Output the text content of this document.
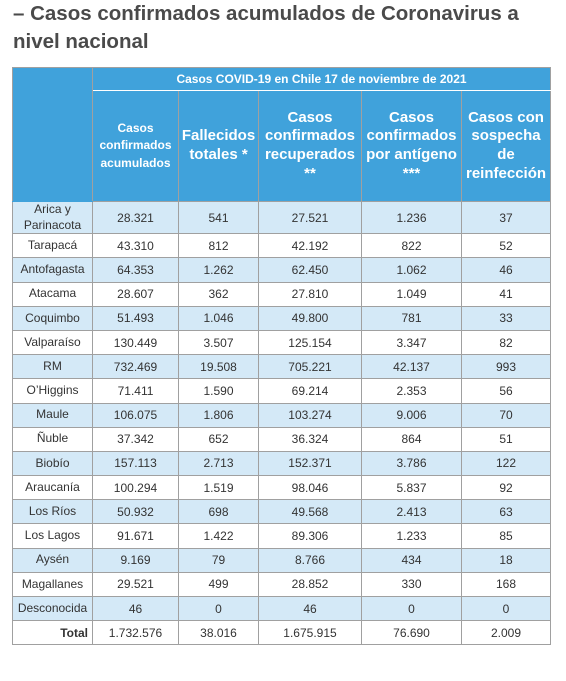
– Casos confirmados acumulados de Coronavirus a nivel nacional
	Casos COVID-19 en Chile 17 de noviembre de 2021				
	Casos confirmados acumulados	Fallecidos totales *	Casos confirmados recuperados **	Casos confirmados por antígeno ***	Casos con sospecha de reinfección
Arica y Parinacota	28.321	541	27.521	1.236	37
Tarapacá	43.310	812	42.192	822	52
Antofagasta	64.353	1.262	62.450	1.062	46
Atacama	28.607	362	27.810	1.049	41
Coquimbo	51.493	1.046	49.800	781	33
Valparaíso	130.449	3.507	125.154	3.347	82
RM	732.469	19.508	705.221	42.137	993
O’Higgins	71.411	1.590	69.214	2.353	56
Maule	106.075	1.806	103.274	9.006	70
Ñuble	37.342	652	36.324	864	51
Biobío	157.113	2.713	152.371	3.786	122
Araucanía	100.294	1.519	98.046	5.837	92
Los Ríos	50.932	698	49.568	2.413	63
Los Lagos	91.671	1.422	89.306	1.233	85
Aysén	9.169	79	8.766	434	18
Magallanes	29.521	499	28.852	330	168
Desconocida	46	0	46	0	0
Total	1.732.576	38.016	1.675.915	76.690	2.009
